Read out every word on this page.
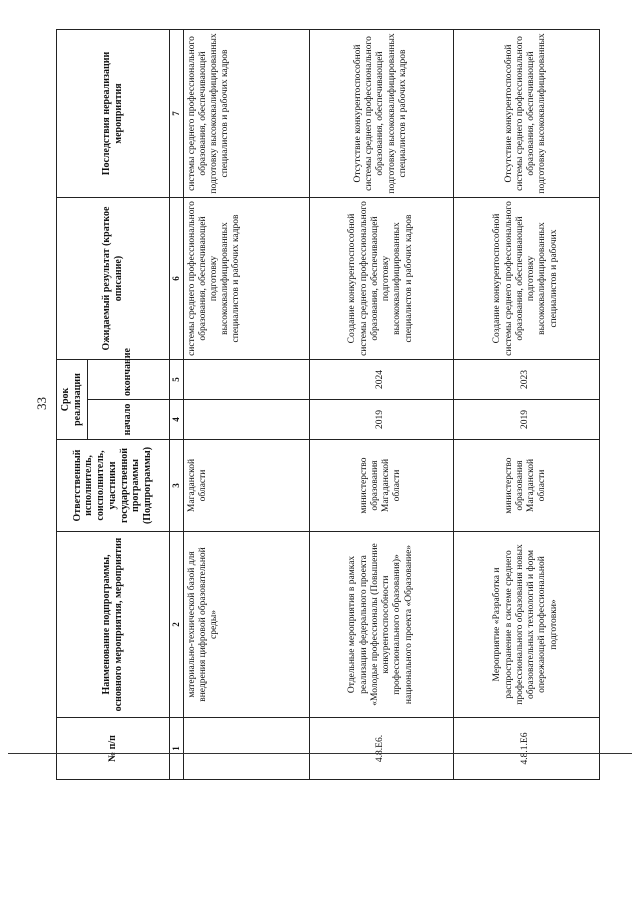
33
№ п/п	Наименование подпрограммы, основного мероприятия, мероприятия	Ответственный исполнитель, соисполнитель, участники государственной программы (Подпрограммы)	Срок реализации		Ожидаемый результат (краткое описание)	Последствия нереализации мероприятия
			начало	окончание		
1	2	3	4	5	6	7
	материально-технической базой для внедрения цифровой образовательной среды»	Магаданской области			системы среднего профессионального образования, обеспечивающей подготовку высококвалифицированных специалистов и рабочих кадров	системы среднего профессионального образования, обеспечивающей подготовку высококвалифицированных специалистов и рабочих кадров
4.8.Е6.	Отдельные мероприятия в рамках реализации федерального проекта «Молодые профессионалы (Повышение конкурентоспособности профессионального образования)» национального проекта «Образование»	министерство образования Магаданской области	2019	2024	Создание конкурентоспособной системы среднего профессионального образования, обеспечивающей подготовку высококвалифицированных специалистов и рабочих кадров	Отсутствие конкурентоспособной системы среднего профессионального образования, обеспечивающей подготовку высококвалифицированных специалистов и рабочих кадров
4.8.1.Е6	Мероприятие «Разработка и распространение в системе среднего профессионального образования новых образовательных технологий и форм опережающей профессиональной подготовки»	министерство образования Магаданской области	2019	2023	Создание конкурентоспособной системы среднего профессионального образования, обеспечивающей подготовку высококвалифицированных специалистов и рабочих	Отсутствие конкурентоспособной системы среднего профессионального образования, обеспечивающей подготовку высококвалифицированных
